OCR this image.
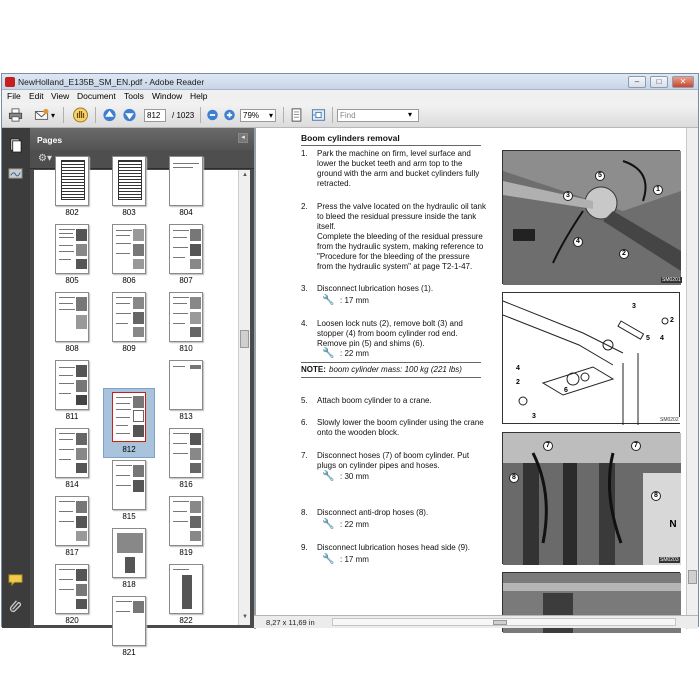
NewHolland_E135B_SM_EN.pdf - Adobe Reader	–	□	✕
File Edit View Document Tools Window Help
▾	812	/ 1023	79% ▾	Find	▾
Pages	◂
⚙▾
802	803	804
805	806	807
808	809	810
811
812
813
814
815
816
817
818
819
820
821
822
▲
▼
Boom cylinders removal
1.	Park the machine on firm, level surface and
lower the bucket teeth and arm top to the
ground with the arm and bucket cylinders fully
retracted.
2.	Press the valve located on the hydraulic oil tank
to bleed the residual pressure inside the tank
itself.
Complete the bleeding of the residual pressure
from the hydraulic system, making reference to
"Procedure for the bleeding of the pressure
from the hydraulic system" at page T2-1-47.
3.	Disconnect lubrication hoses (1).
🔧 : 17 mm
4.	Loosen lock nuts (2), remove bolt (3) and
stopper (4) from boom cylinder rod end.
Remove pin (5) and shims (6).
🔧 : 22 mm
NOTE: boom cylinder mass: 100 kg (221 lbs)
5.	Attach boom cylinder to a crane.
6.	Slowly lower the boom cylinder using the crane
onto the wooden block.
7.	Disconnect hoses (7) of boom cylinder. Put
plugs on cylinder pipes and hoses.
🔧 : 30 mm
8.	Disconnect anti-drop hoses (8).
🔧 : 22 mm
9.	Disconnect lubrication hoses head side (9).
🔧 : 17 mm
5
3
1
4
2
SM0201
3
5	4
2
6
4
3
2
SM0202
7	7
8
8
N
SM0203
8,27 x 11,69 in
